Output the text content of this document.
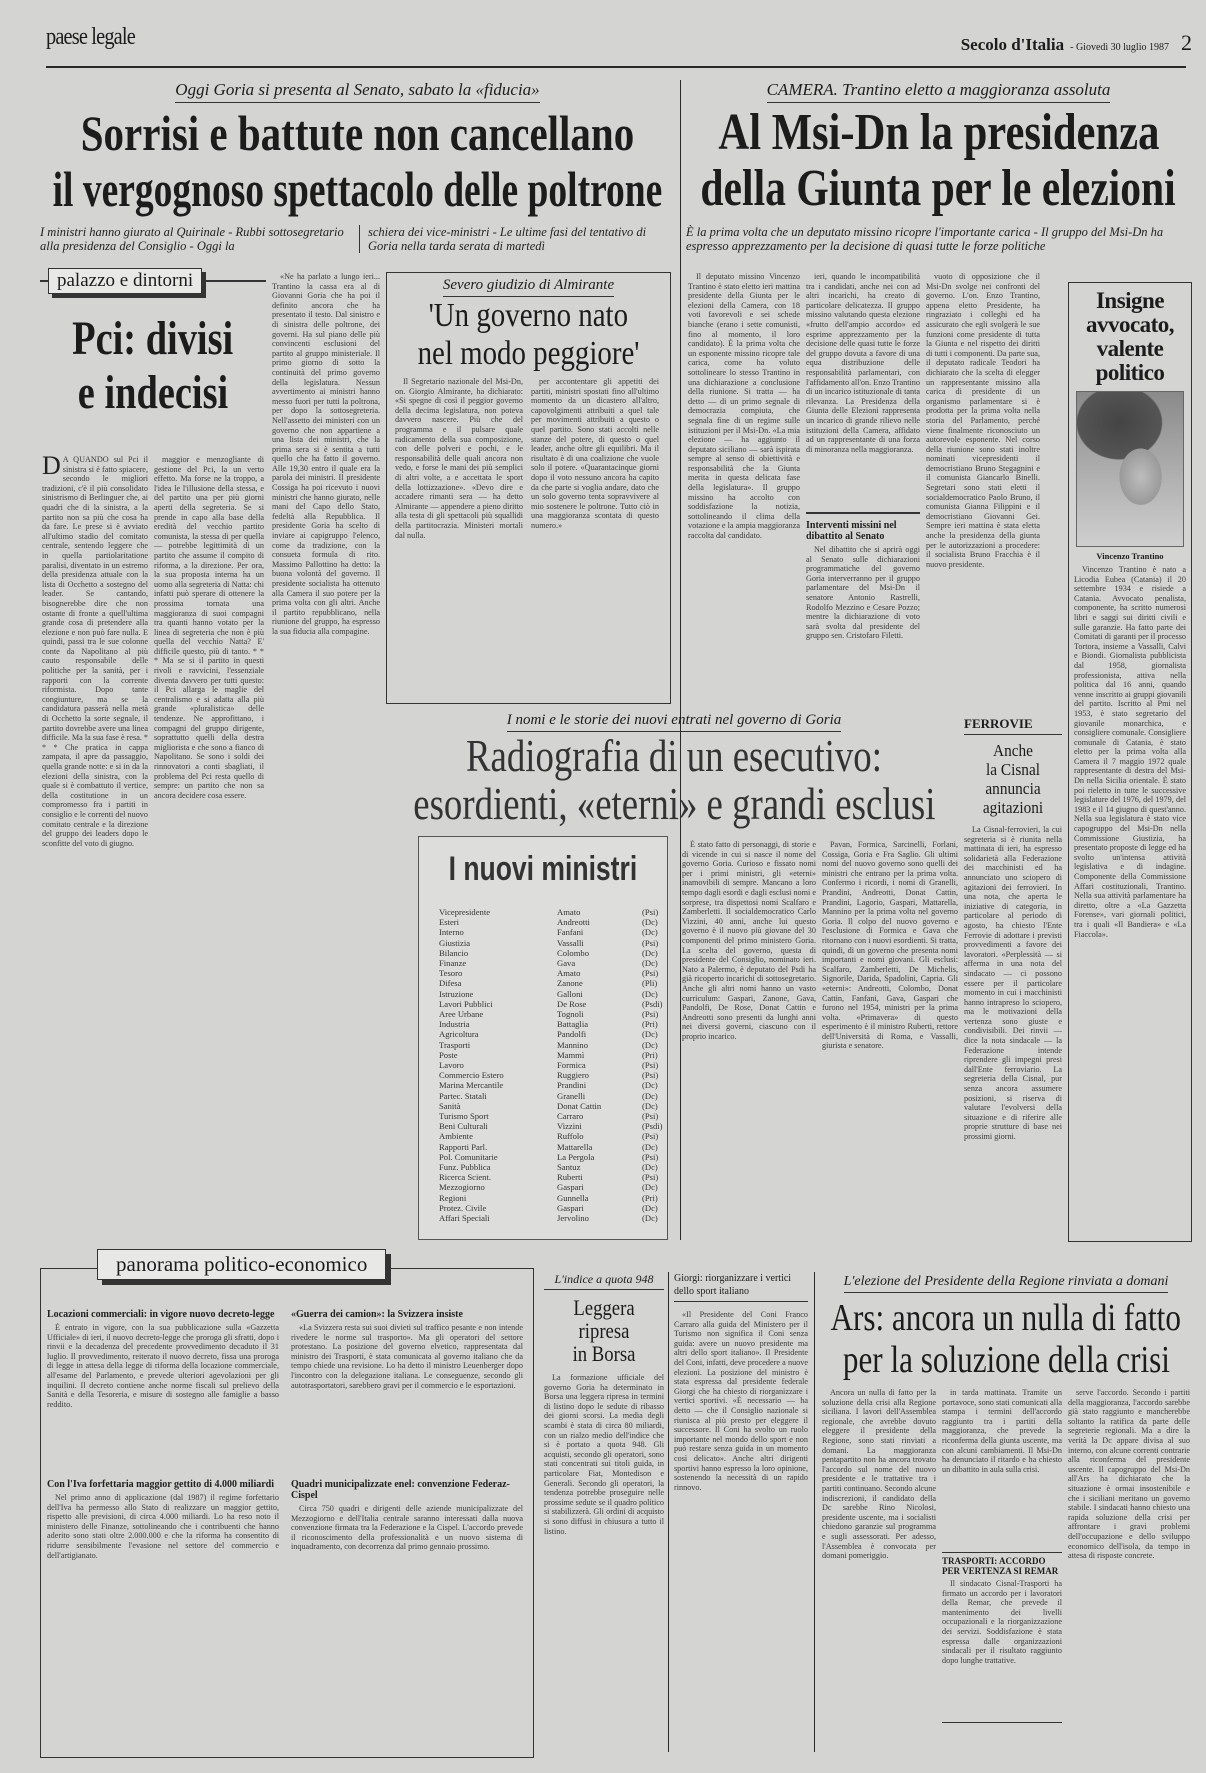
paese legale	Secolo d'Italia - Giovedì 30 luglio 1987 2
Oggi Goria si presenta al Senato, sabato la «fiducia»
Sorrisi e battute non cancellano
il vergognoso spettacolo delle poltrone
I ministri hanno giurato al Quirinale - Rubbi sottosegretario alla presidenza del Consiglio - Oggi la
schiera dei vice-ministri - Le ultime fasi del tentativo di Goria nella tarda serata di martedì
CAMERA. Trantino eletto a maggioranza assoluta
Al Msi-Dn la presidenza
della Giunta per le elezioni
È la prima volta che un deputato missino ricopre l'importante carica - Il gruppo del Msi-Dn ha espresso apprezzamento per la decisione di quasi tutte le forze politiche

Il deputato missino Vincenzo Trantino è stato eletto ieri mattina presidente della Giunta per le elezioni della Camera, con 18 voti favorevoli e sei schede bianche (erano i sette comunisti, fino al momento, il loro candidato). È la prima volta che un esponente missino ricopre tale carica, come ha voluto sottolineare lo stesso Trantino in una dichiarazione a conclusione della riunione. Si tratta — ha detto — di un primo segnale di democrazia compiuta, che segnala fine di un regime sulle istituzioni per il Msi-Dn. «La mia elezione — ha aggiunto il deputato siciliano — sarà ispirata sempre al senso di obiettività e responsabilità che la Giunta merita in questa delicata fase della legislatura». Il gruppo missino ha accolto con soddisfazione la notizia, sottolineando il clima della votazione e la ampia maggioranza raccolta dal candidato.

ieri, quando le incompatibilità tra i candidati, anche nei con ad altri incarichi, ha creato di particolare delicatezza. Il gruppo missino valutando questa elezione «frutto dell'ampio accordo» ed esprime apprezzamento per la decisione delle quasi tutte le forze del gruppo dovuta a favore di una equa distribuzione delle responsabilità parlamentari, con l'affidamento all'on. Enzo Trantino di un incarico istituzionale di tanta rilevanza. La Presidenza della Giunta delle Elezioni rappresenta un incarico di grande rilievo nelle istituzioni della Camera, affidato ad un rappresentante di una forza di minoranza nella maggioranza.

Interventi missini nel dibattito al Senato

Nel dibattito che si aprirà oggi al Senato sulle dichiarazioni programmatiche del governo Goria interverranno per il gruppo parlamentare del Msi-Dn il senatore Antonio Rastrelli, Rodolfo Mezzino e Cesare Pozzo; mentre la dichiarazione di voto sarà svolta dal presidente del gruppo sen. Cristofaro Filetti.

vuoto di opposizione che il Msi-Dn svolge nei confronti del governo. L'on. Enzo Trantino, appena eletto Presidente, ha ringraziato i colleghi ed ha assicurato che egli svolgerà le sue funzioni come presidente di tutta la Giunta e nel rispetto dei diritti di tutti i componenti. Da parte sua, il deputato radicale Teodori ha dichiarato che la scelta di elegger un rappresentante missino alla carica di presidente di un organismo parlamentare si è prodotta per la prima volta nella storia del Parlamento, perché viene finalmente riconosciuto un autorevole esponente. Nel corso della riunione sono stati inoltre nominati vicepresidenti il democristiano Bruno Stegagnini e il comunista Giancarlo Binelli. Segretari sono stati eletti il socialdemocratico Paolo Bruno, il comunista Gianna Filippini e il democristiano Giovanni Gei. Sempre ieri mattina è stata eletta anche la presidenza della giunta per le autorizzazioni a procedere: il socialista Bruno Fracchia è il nuovo presidente.

palazzo e dintorni
Pci: divisi
e indecisi
D A QUANDO sul Pci il sinistra si è fatto spiacere, secondo le migliori tradizioni, c'è il più consolidato sinistrismo di Berlinguer che, ai quadri che di la sinistra, a la partito non sa più che cosa ha da fare. Le prese si è avviato all'ultimo stadio del comitato centrale, sentendo leggere che in quella partiolaritatione paralisi, diventato in un estremo della presidenza attuale con la lista di Occhetto a sostegno del leader. Se cantando, bisognerebbe dire che non ostante di fronte a quell'ultima grande cosa di pretendere alla elezione e non può fare nulla. E quindi, passi tra le sue colonne conte da Napolitano al più cauto responsabile delle politiche per la sanità, per i rapporti con la corrente riformista. Dopo tante congiunture, ma se la candidatura passerà nella metà di Occhetto la sorte segnale, il partito dovrebbe avere una linea difficile. Ma la sua fase è resa. * * * Che pratica in cappa zampata, il apre da passaggio, quella grande notte: e si in da la elezioni della sinistra, con la quale si è combattuto il vertice, della costitutione in un compromesso fra i partiti in consiglio e le correnti del nuovo comitato centrale e la direzione del gruppo dei leaders dopo le sconfitte del voto di giugno.

maggior e menzogliante di gestione del Pci, la un verto effetto. Ma forse ne la troppo, a l'idea le l'illusione della stessa, e del partito una per più giorni aperti della segreteria. Se si prende in capo alla base della eredità del vecchio partito comunista, la stessa di per quella — potrebbe legittimità di un partito che assume il compito di riforma, a la direzione. Per ora, la sua proposta interna ha un uomo alla segreteria di Natta: chi infatti può sperare di ottenere la prossima tornata una maggioranza di suoi compagni tra quanti hanno votato per la linea di segreteria che non è più quella del vecchio Natta? E' difficile questo, più di tanto. * * * Ma se si il partito in questi rivoli e ravvicini, l'essenziale diventa davvero per tutti questo: il Pci allarga le maglie del centralismo e si adatta alla più grande «pluralistica» delle tendenze. Ne approfittano, i compagni del gruppo dirigente, soprattutto quelli della destra migliorista e che sono a fianco di Napolitano. Se sono i soldi dei rinnovatori a conti sbagliati, il problema del Pci resta quello di sempre: un partito che non sa ancora decidere cosa essere.

«Ne ha parlato a lungo ieri... Trantino la cassa era al di Giovanni Goria che ha poi il definito ancora che ha presentato il testo. Dal sinistro e di sinistra delle poltrone, dei governi. Ha sul piano delle più convincenti esclusioni del partito al gruppo ministeriale. Il primo giorno di sotto la continuità del primo governo della legislatura. Nessun avvertimento ai ministri hanno messo fuori per tutti la poltrona, per dopo la sottosegreteria. Nell'assetto dei ministeri con un governo che non appartiene a una lista dei ministri, che la prima sera si è sentita a tutti quello che ha fatto il governo. Alle 19,30 entro il quale era la parola dei ministri. Il presidente Cossiga ha poi ricevuto i nuovi ministri che hanno giurato, nelle mani del Capo dello Stato, fedeltà alla Repubblica. Il presidente Goria ha scelto di inviare ai capigruppo l'elenco, come da tradizione, con la consueta formula di rito. Massimo Pallottino ha detto: la buona volontà del governo. Il presidente socialista ha ottenuto alla Camera il suo potere per la prima volta con gli altri. Anche il partito repubblicano, nella riunione del gruppo, ha espresso la sua fiducia alla compagine.

Severo giudizio di Almirante
'Un governo nato
nel modo peggiore'

Il Segretario nazionale del Msi-Dn, on. Giorgio Almirante, ha dichiarato: «Si spegne di così il peggior governo della decima legislatura, non poteva davvero nascere. Più che del programma e il pulsare quale radicamento della sua composizione, con delle polveri e pochi, e le responsabilità delle quali ancora non vedo, e forse le mani dei più semplici di altri volte, a e accettata le sport della lottizzazione». «Devo dire e accadere rimanti sera — ha detto Almirante — appendere a pieno diritto alla testa di gli spettacoli più squallidi della partitocrazia. Ministeri mortali dal nulla.

per accontentare gli appetiti dei partiti, ministri spostati fino all'ultimo momento da un dicastero all'altro, capovolgimenti attribuiti a quel tale per movimenti attribuiti a questo o quel partito. Sono stati accolti nelle stanze del potere, di questo o quel leader, anche oltre gli equilibri. Ma il risultato è di una coalizione che vuole solo il potere. «Quarantacinque giorni dopo il voto nessuno ancora ha capito da che parte si voglia andare, dato che un solo governo tenta sopravvivere al mio sostenere le poltrone. Tutto ciò in una maggioranza scontata di questo numero.»

I nomi e le storie dei nuovi entrati nel governo di Goria
Radiografia di un esecutivo:
esordienti, «eterni» e grandi esclusi
I nuovi ministri
Vicepresidente	Amato	(Psi)
Esteri	Andreotti	(Dc)
Interno	Fanfani	(Dc)
Giustizia	Vassalli	(Psi)
Bilancio	Colombo	(Dc)
Finanze	Gava	(Dc)
Tesoro	Amato	(Psi)
Difesa	Zanone	(Pli)
Istruzione	Galloni	(Dc)
Lavori Pubblici	De Rose	(Psdi)
Aree Urbane	Tognoli	(Psi)
Industria	Battaglia	(Pri)
Agricoltura	Pandolfi	(Dc)
Trasporti	Mannino	(Dc)
Poste	Mammì	(Pri)
Lavoro	Formica	(Psi)
Commercio Estero	Ruggiero	(Psi)
Marina Mercantile	Prandini	(Dc)
Partec. Statali	Granelli	(Dc)
Sanità	Donat Cattin	(Dc)
Turismo Sport	Carraro	(Psi)
Beni Culturali	Vizzini	(Psdi)
Ambiente	Ruffolo	(Psi)
Rapporti Parl.	Mattarella	(Dc)
Pol. Comunitarie	La Pergola	(Psi)
Funz. Pubblica	Santuz	(Dc)
Ricerca Scient.	Ruberti	(Psi)
Mezzogiorno	Gaspari	(Dc)
Regioni	Gunnella	(Pri)
Protez. Civile	Gaspari	(Dc)
Affari Speciali	Jervolino	(Dc)

È stato fatto di personaggi, di storie e di vicende in cui si nasce il nome del governo Goria. Curioso e fissato nomi per i primi ministri, gli «eterni» inamovibili di sempre. Mancano a loro tempo dagli esordi e dagli esclusi nomi e sorprese, tra dispettosi nomi Scalfaro e Zamberletti. Il socialdemocratico Carlo Vizzini, 40 anni, anche lui questo governo è il nuovo più giovane del 30 componenti del primo ministero Goria. La scelta del governo, questa di presidente del Consiglio, nominato ieri. Nato a Palermo, è deputato del Psdi ha già ricoperto incarichi di sottosegretario. Anche gli altri nomi hanno un vasto curriculum: Gaspari, Zanone, Gava, Pandolfi, De Rose, Donat Cattin e Andreotti sono presenti da lunghi anni nei diversi governi, ciascuno con il proprio incarico.

Pavan, Formica, Sarcinelli, Forlani, Cossiga, Goria e Fra Saglio. Gli ultimi nomi del nuovo governo sono quelli dei ministri che entrano per la prima volta. Confermo i ricordi, i nomi di Granelli, Prandini, Andreotti, Donat Cattin, Prandini, Lagorio, Gaspari, Mattarella, Mannino per la prima volta nel governo Goria. Il colpo del nuovo governo e l'esclusione di Formica e Gava che ritornano con i nuovi esordienti. Si tratta, quindi, di un governo che presenta nomi importanti e nomi giovani. Gli esclusi: Scalfaro, Zamberletti, De Michelis, Signorile, Darida, Spadolini, Capria. Gli «eterni»: Andreotti, Colombo, Donat Cattin, Fanfani, Gava, Gaspari che furono nel 1954, ministri per la prima volta. «Primavera» di questo esperimento è il ministro Ruberti, rettore dell'Università di Roma, e Vassalli, giurista e senatore.

Insigne
avvocato,
valente
politico
Vincenzo Trantino

Vincenzo Trantino è nato a Licodia Eubea (Catania) il 20 settembre 1934 e risiede a Catania. Avvocato penalista, componente, ha scritto numerosi libri e saggi sui diritti civili e sulle garanzie. Ha fatto parte dei Comitati di garanti per il processo Tortora, insieme a Vassalli, Calvi e Biondi. Giornalista pubblicista dal 1958, giornalista professionista, attiva nella politica dal 16 anni, quando venne inscritto ai gruppi giovanili del partito. Iscritto al Pmi nel 1953, è stato segretario del giovanile monarchica, e consigliere comunale. Consigliere comunale di Catania, è stato eletto per la prima volta alla Camera il 7 maggio 1972 quale rappresentante di destra del Msi-Dn nella Sicilia orientale. È stato poi rieletto in tutte le successive legislature del 1976, del 1979, del 1983 e il 14 giugno di quest'anno. Nella sua legislatura è stato vice capogruppo del Msi-Dn nella Commissione Giustizia, ha presentato proposte di legge ed ha svolto un'intensa attività legislativa e di indagine. Componente della Commissione Affari costituzionali, Trantino. Nella sua attività parlamentare ha diretto, oltre a «La Gazzetta Forense», vari giornali politici, tra i quali «Il Bandiera» e «La Fiaccola».

FERROVIE
Anche
la Cisnal
annuncia
agitazioni

La Cisnal-ferrovieri, la cui segreteria si è riunita nella mattinata di ieri, ha espresso solidarietà alla Federazione dei macchinisti ed ha annunciato uno sciopero di agitazioni dei ferrovieri. In una nota, che aperta le iniziative di categoria, in particolare al periodo di agosto, ha chiesto l'Ente Ferrovie di adottare i previsti provvedimenti a favore dei lavoratori. «Perplessità — si afferma in una nota del sindacato — ci possono essere per il particolare momento in cui i macchinisti hanno intrapreso lo sciopero, ma le motivazioni della vertenza sono giuste e condivisibili. Dei rinvii — dice la nota sindacale — la Federazione intende riprendere gli impegni presi dall'Ente ferroviario. La segreteria della Cisnal, pur senza ancora assumere posizioni, si riserva di valutare l'evolversi della situazione e di riferire alle proprie strutture di base nei prossimi giorni.

panorama politico-economico
Locazioni commerciali: in vigore nuovo decreto-legge

È entrato in vigore, con la sua pubblicazione sulla «Gazzetta Ufficiale» di ieri, il nuovo decreto-legge che proroga gli sfratti, dopo i rinvii e la decadenza del precedente provvedimento decaduto il 31 luglio. Il provvedimento, reiterato il nuovo decreto, fissa una proroga di legge in attesa della legge di riforma della locazione commerciale, all'esame del Parlamento, e prevede ulteriori agevolazioni per gli inquilini. Il decreto contiene anche norme fiscali sul prelievo della Sanità e della Tesoreria, e misure di sostegno alle famiglie a basso reddito.

Con l'Iva forfettaria maggior gettito di 4.000 miliardi

Nel primo anno di applicazione (dal 1987) il regime forfettario dell'Iva ha permesso allo Stato di realizzare un maggior gettito, rispetto alle previsioni, di circa 4.000 miliardi. Lo ha reso noto il ministero delle Finanze, sottolineando che i contribuenti che hanno aderito sono stati oltre 2.000.000 e che la riforma ha consentito di ridurre sensibilmente l'evasione nel settore del commercio e dell'artigianato.

«Guerra dei camion»: la Svizzera insiste

«La Svizzera resta sui suoi divieti sul traffico pesante e non intende rivedere le norme sul trasporto». Ma gli operatori del settore protestano. La posizione del governo elvetico, rappresentata dal ministro dei Trasporti, è stata comunicata al governo italiano che da tempo chiede una revisione. Lo ha detto il ministro Leuenberger dopo l'incontro con la delegazione italiana. Le conseguenze, secondo gli autotrasportatori, sarebbero gravi per il commercio e le esportazioni.

Quadri municipalizzate enel: convenzione Federaz-Cispel

Circa 750 quadri e dirigenti delle aziende municipalizzate del Mezzogiorno e dell'Italia centrale saranno interessati dalla nuova convenzione firmata tra la Federazione e la Cispel. L'accordo prevede il riconoscimento della professionalità e un nuovo sistema di inquadramento, con decorrenza dal primo gennaio prossimo.

L'indice a quota 948
Leggera
ripresa
in Borsa

La formazione ufficiale del governo Goria ha determinato in Borsa una leggera ripresa in termini di listino dopo le sedute di ribasso dei giorni scorsi. La media degli scambi è stata di circa 80 miliardi, con un rialzo medio dell'indice che si è portato a quota 948. Gli acquisti, secondo gli operatori, sono stati concentrati sui titoli guida, in particolare Fiat, Montedison e Generali. Secondo gli operatori, la tendenza potrebbe proseguire nelle prossime sedute se il quadro politico si stabilizzerà. Gli ordini di acquisto si sono diffusi in chiusura a tutto il listino.

Giorgi: riorganizzare i vertici dello sport italiano

«Il Presidente del Coni Franco Carraro alla guida del Ministero per il Turismo non significa il Coni senza guida: avere un nuovo presidente ma altri dello sport italiano». Il Presidente del Coni, infatti, deve procedere a nuove elezioni. La posizione del ministro è stata espressa dal presidente federale Giorgi che ha chiesto di riorganizzare i vertici sportivi. «È necessario — ha detto — che il Consiglio nazionale si riunisca al più presto per eleggere il successore. Il Coni ha svolto un ruolo importante nel mondo dello sport e non può restare senza guida in un momento così delicato». Anche altri dirigenti sportivi hanno espresso la loro opinione, sostenendo la necessità di un rapido rinnovo.

L'elezione del Presidente della Regione rinviata a domani
Ars: ancora un nulla di fatto
per la soluzione della crisi

Ancora un nulla di fatto per la soluzione della crisi alla Regione siciliana. I lavori dell'Assemblea regionale, che avrebbe dovuto eleggere il presidente della Regione, sono stati rinviati a domani. La maggioranza pentapartito non ha ancora trovato l'accordo sul nome del nuovo presidente e le trattative tra i partiti continuano. Secondo alcune indiscrezioni, il candidato della Dc sarebbe Rino Nicolosi, presidente uscente, ma i socialisti chiedono garanzie sul programma e sugli assessorati. Per adesso, l'Assemblea è convocata per domani pomeriggio.

in tarda mattinata. Tramite un portavoce, sono stati comunicati alla stampa i termini dell'accordo raggiunto tra i partiti della maggioranza, che prevede la riconferma della giunta uscente, ma con alcuni cambiamenti. Il Msi-Dn ha denunciato il ritardo e ha chiesto un dibattito in aula sulla crisi.

TRASPORTI: ACCORDO PER VERTENZA SI REMAR

Il sindacato Cisnal-Trasporti ha firmato un accordo per i lavoratori della Remar, che prevede il mantenimento dei livelli occupazionali e la riorganizzazione dei servizi. Soddisfazione è stata espressa dalle organizzazioni sindacali per il risultato raggiunto dopo lunghe trattative.

serve l'accordo. Secondo i partiti della maggioranza, l'accordo sarebbe già stato raggiunto e mancherebbe soltanto la ratifica da parte delle segreterie regionali. Ma a dire la verità la Dc appare divisa al suo interno, con alcune correnti contrarie alla riconferma del presidente uscente. Il capogruppo del Msi-Dn all'Ars ha dichiarato che la situazione è ormai insostenibile e che i siciliani meritano un governo stabile. I sindacati hanno chiesto una rapida soluzione della crisi per affrontare i gravi problemi dell'occupazione e dello sviluppo economico dell'isola, da tempo in attesa di risposte concrete.
